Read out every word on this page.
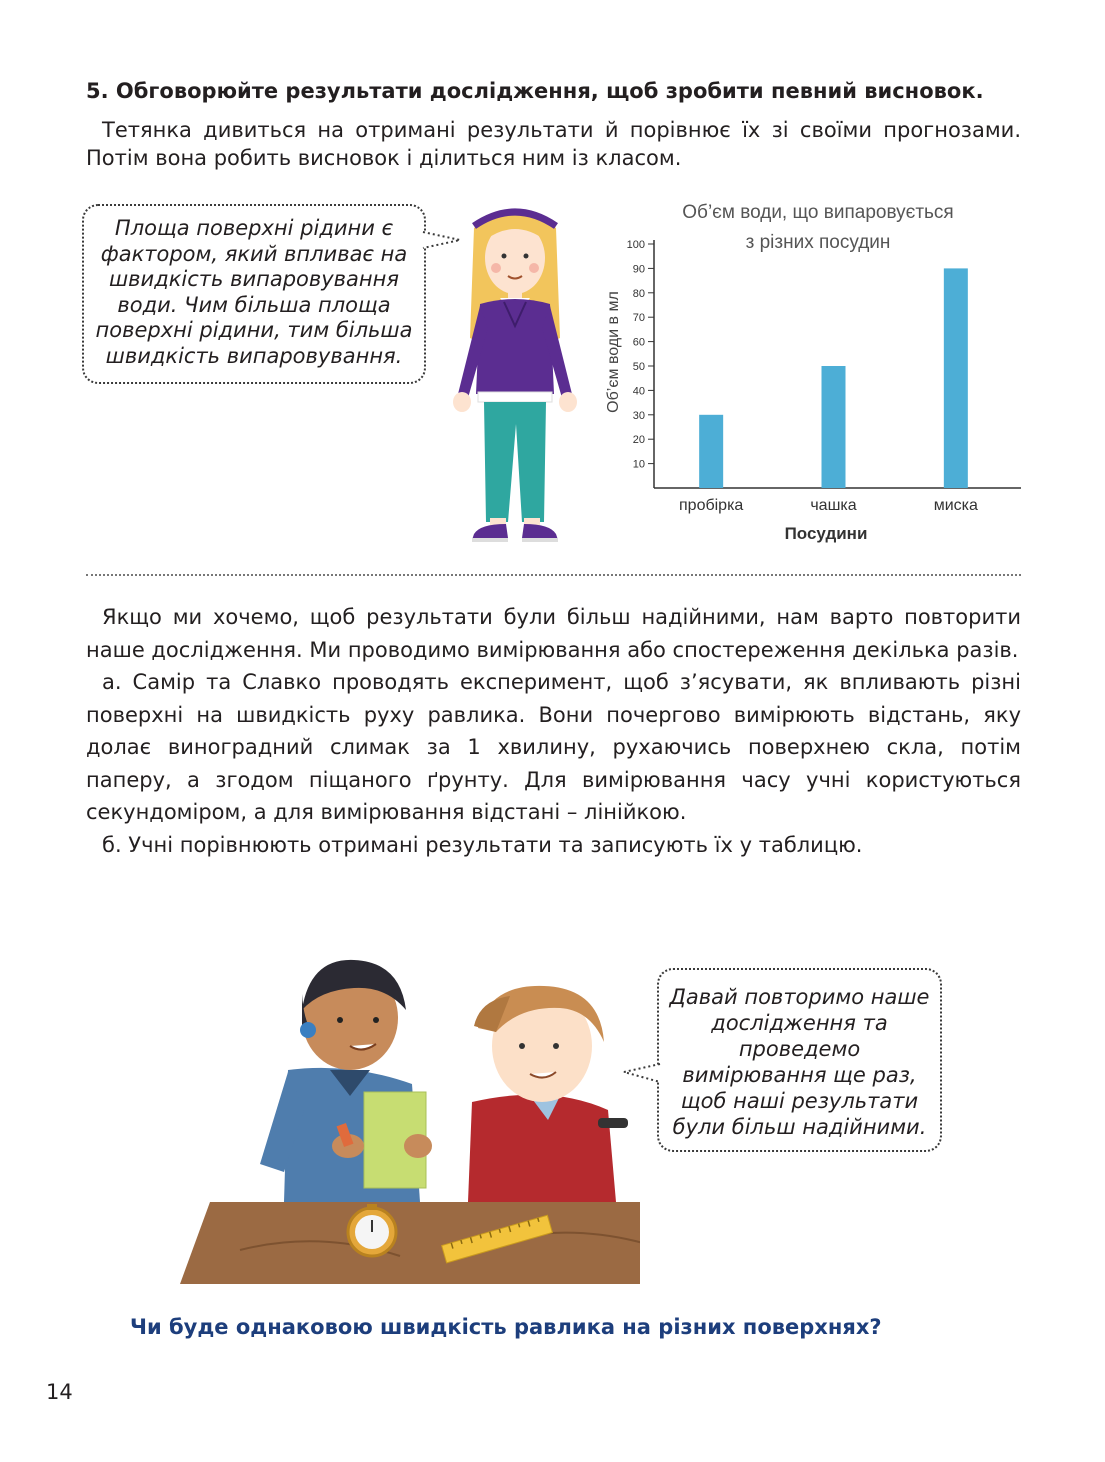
5. Обговорюйте результати дослідження, щоб зробити певний висновок.
Тетянка дивиться на отримані результати й порівнює їх зі своїми прогнозами. Потім вона робить висновок і ділиться ним із класом.
Площа поверхні рідини є фактором, який впливає на швидкість випаровування води. Чим більша площа поверхні рідини, тим більша швидкість випаровування.
Об’єм води, що випаровується
з різних посудин
Об’єм води в мл
10
20
30
40
50
60
70
80
90
100
пробірка	чашка	миска
Посудини

Якщо ми хочемо, щоб результати були більш надійними, нам варто повторити наше дослідження. Ми проводимо вимірювання або спостереження декілька разів.

а. Самір та Славко проводять експеримент, щоб з’ясувати, як впливають різні поверхні на швидкість руху равлика. Вони почергово вимірюють відстань, яку долає виноградний слимак за 1 хвилину, рухаючись поверхнею скла, потім паперу, а згодом піщаного ґрунту. Для вимірювання часу учні користуються секундоміром, а для вимірювання відстані – лінійкою.

б. Учні порівнюють отримані результати та записують їх у таблицю.

Давай повторимо наше дослідження та проведемо вимірювання ще раз, щоб наші результати були більш надійними.
Чи буде однаковою швидкість равлика на різних поверхнях?
14
